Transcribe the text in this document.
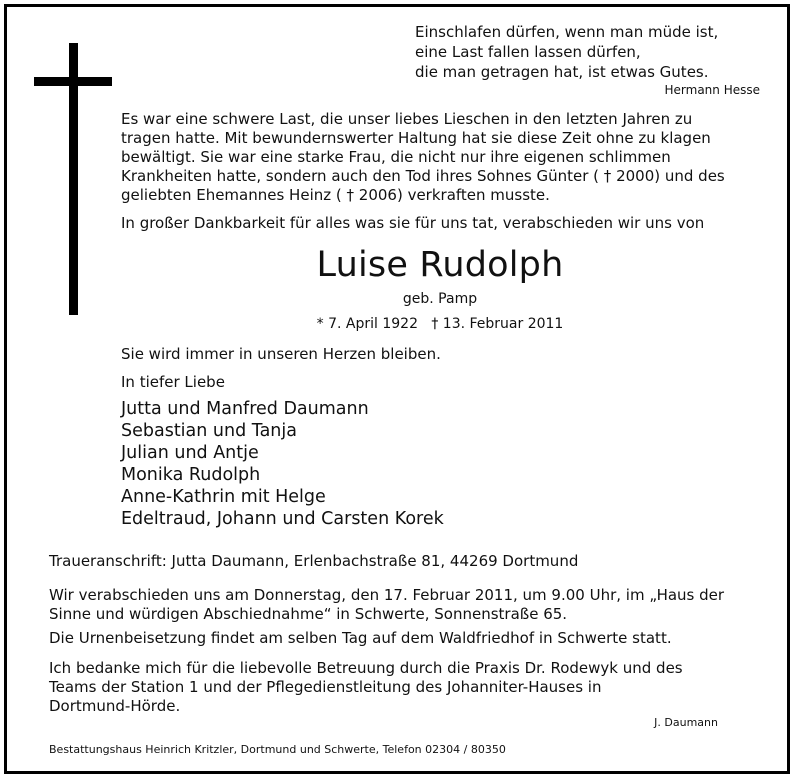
Einschlafen dürfen, wenn man müde ist,
eine Last fallen lassen dürfen,
die man getragen hat, ist etwas Gutes.
Hermann Hesse
Es war eine schwere Last, die unser liebes Lieschen in den letzten Jahren zu
tragen hatte. Mit bewundernswerter Haltung hat sie diese Zeit ohne zu klagen
bewältigt. Sie war eine starke Frau, die nicht nur ihre eigenen schlimmen
Krankheiten hatte, sondern auch den Tod ihres Sohnes Günter ( † 2000) und des
geliebten Ehemannes Heinz ( † 2006) verkraften musste.
In großer Dankbarkeit für alles was sie für uns tat, verabschieden wir uns von
Luise Rudolph
geb. Pamp
* 7. April 1922   † 13. Februar 2011
Sie wird immer in unseren Herzen bleiben.
In tiefer Liebe
Jutta und Manfred Daumann
Sebastian und Tanja
Julian und Antje
Monika Rudolph
Anne-Kathrin mit Helge
Edeltraud, Johann und Carsten Korek
Traueranschrift: Jutta Daumann, Erlenbachstraße 81, 44269 Dortmund
Wir verabschieden uns am Donnerstag, den 17. Februar 2011, um 9.00 Uhr, im „Haus der
Sinne und würdigen Abschiednahme“ in Schwerte, Sonnenstraße 65.
Die Urnenbeisetzung findet am selben Tag auf dem Waldfriedhof in Schwerte statt.
Ich bedanke mich für die liebevolle Betreuung durch die Praxis Dr. Rodewyk und des
Teams der Station 1 und der Pflegedienstleitung des Johanniter-Hauses in
Dortmund-Hörde.
J. Daumann
Bestattungshaus Heinrich Kritzler, Dortmund und Schwerte, Telefon 02304 / 80350
